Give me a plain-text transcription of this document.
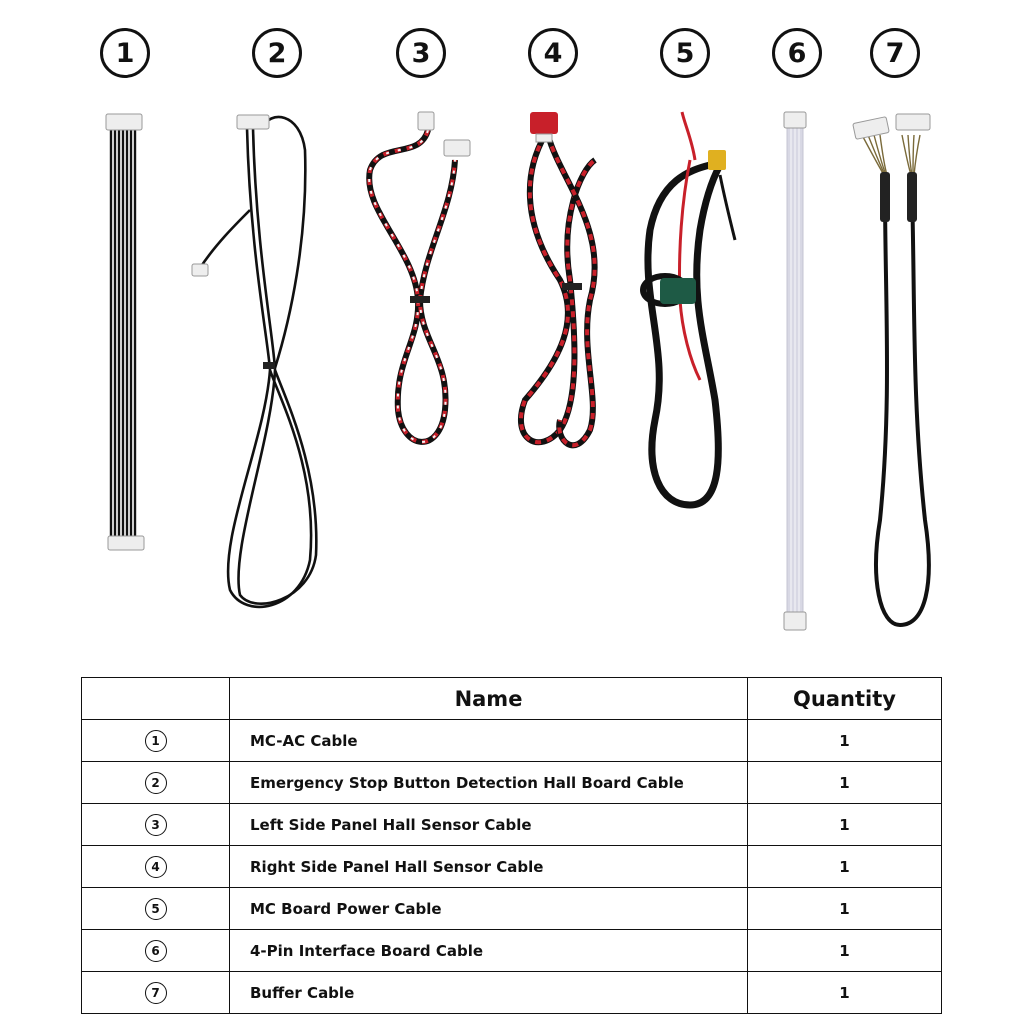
1	2	3	4	5	6	7
	Name	Quantity
1	MC-AC Cable	1
2	Emergency Stop Button Detection Hall Board Cable	1
3	Left Side Panel Hall Sensor Cable	1
4	Right Side Panel Hall Sensor Cable	1
5	MC Board Power Cable	1
6	4-Pin Interface Board Cable	1
7	Buffer Cable	1
